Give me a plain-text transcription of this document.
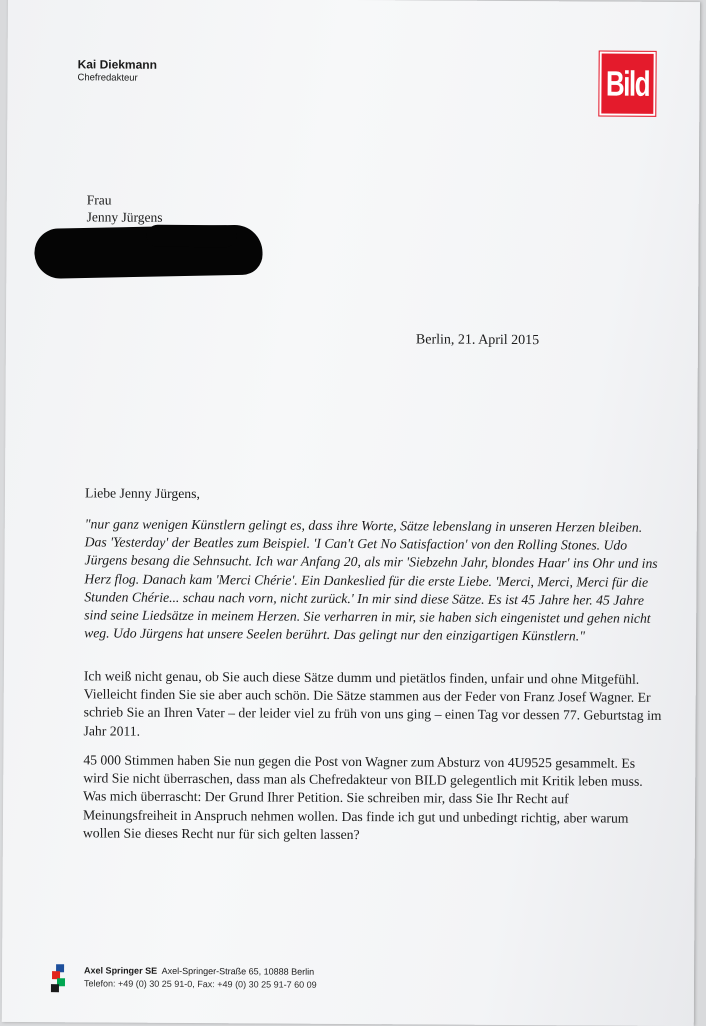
Kai Diekmann
Chefredakteur	Bild
Frau
Jenny Jürgens
Berlin, 21. April 2015
Liebe Jenny Jürgens,
"nur ganz wenigen Künstlern gelingt es, dass ihre Worte, Sätze lebenslang in unseren Herzen bleiben. Das 'Yesterday' der Beatles zum Beispiel. 'I Can't Get No Satisfaction' von den Rolling Stones. Udo Jürgens besang die Sehnsucht. Ich war Anfang 20, als mir 'Siebzehn Jahr, blondes Haar' ins Ohr und ins Herz flog. Danach kam 'Merci Chérie'. Ein Dankeslied für die erste Liebe. 'Merci, Merci, Merci für die Stunden Chérie... schau nach vorn, nicht zurück.' In mir sind diese Sätze. Es ist 45 Jahre her. 45 Jahre sind seine Liedsätze in meinem Herzen. Sie verharren in mir, sie haben sich eingenistet und gehen nicht weg. Udo Jürgens hat unsere Seelen berührt. Das gelingt nur den einzigartigen Künstlern."
Ich weiß nicht genau, ob Sie auch diese Sätze dumm und pietätlos finden, unfair und ohne Mitgefühl. Vielleicht finden Sie sie aber auch schön. Die Sätze stammen aus der Feder von Franz Josef Wagner. Er schrieb Sie an Ihren Vater – der leider viel zu früh von uns ging – einen Tag vor dessen 77. Geburtstag im Jahr 2011.
45 000 Stimmen haben Sie nun gegen die Post von Wagner zum Absturz von 4U9525 gesammelt. Es wird Sie nicht überraschen, dass man als Chefredakteur von BILD gelegentlich mit Kritik leben muss. Was mich überrascht: Der Grund Ihrer Petition. Sie schreiben mir, dass Sie Ihr Recht auf Meinungsfreiheit in Anspruch nehmen wollen. Das finde ich gut und unbedingt richtig, aber warum wollen Sie dieses Recht nur für sich gelten lassen?
Axel Springer SE Axel-Springer-Straße 65, 10888 Berlin
Telefon: +49 (0) 30 25 91-0, Fax: +49 (0) 30 25 91-7 60 09
